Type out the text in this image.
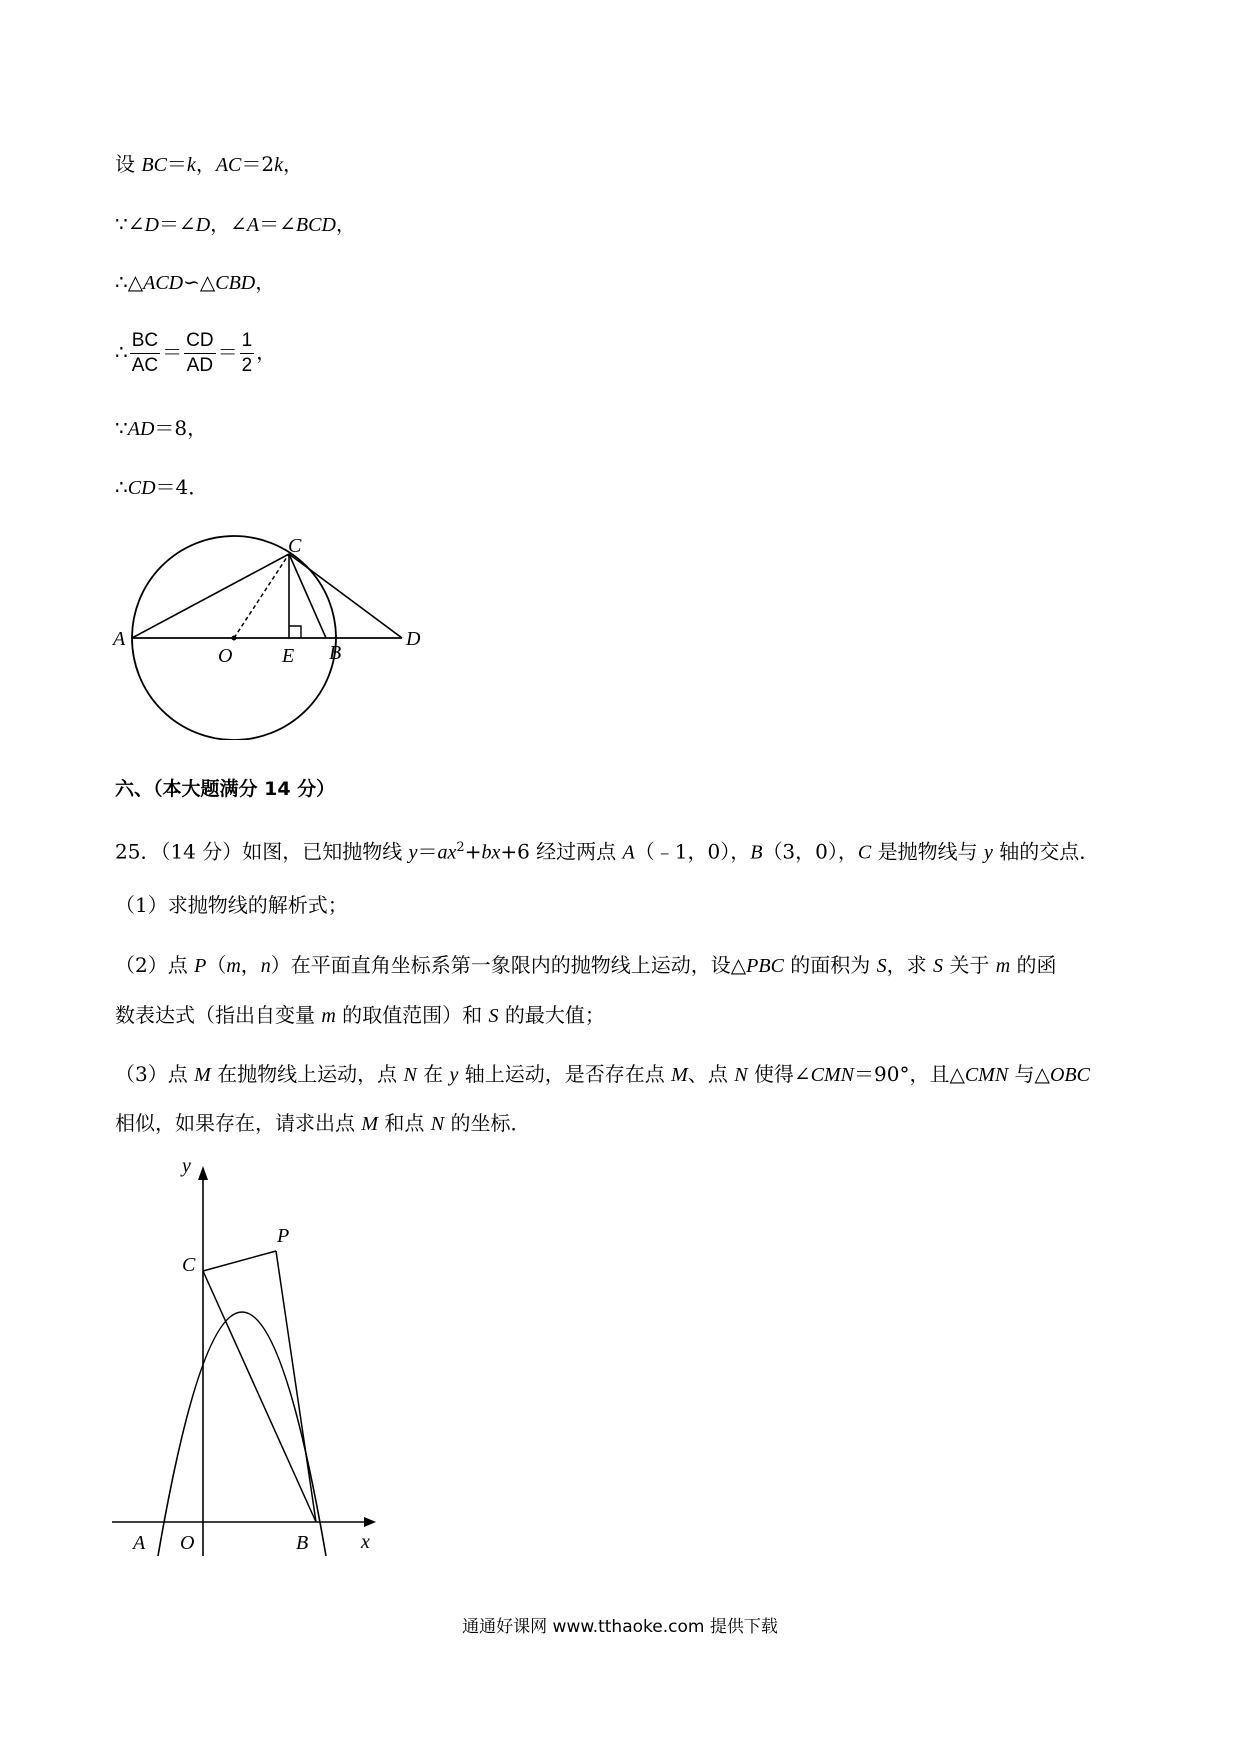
设 BC＝k，AC＝2k，
∵∠D＝∠D，∠A＝∠BCD，
∴△ACD∽△CBD，
∴ $\frac{BC}{AC} = \frac{CD}{AD} = \frac{1}{2}$ ，
∵AD＝8，
∴CD＝4．
A
O E B
C
D
六、（本大题满分 14 分）
25．（14 分）如图，已知抛物线 $y=ax^2+bx+6$ 经过两点 A（﹣1，0），B（3，0），C 是抛物线与 y 轴的交点．
（1）求抛物线的解析式；
（2）点 P（m，n）在平面直角坐标系第一象限内的抛物线上运动，设△PBC 的面积为 S，求 S 关于 m 的函
数表达式（指出自变量 m 的取值范围）和 S 的最大值；
（3）点 M 在抛物线上运动，点 N 在 y 轴上运动，是否存在点 M、点 N 使得∠CMN＝90°，且△CMN 与△OBC
相似，如果存在，请求出点 M 和点 N 的坐标．
y
x
C
P
A O	B
通通好课网 www.tthaoke.com 提供下载
